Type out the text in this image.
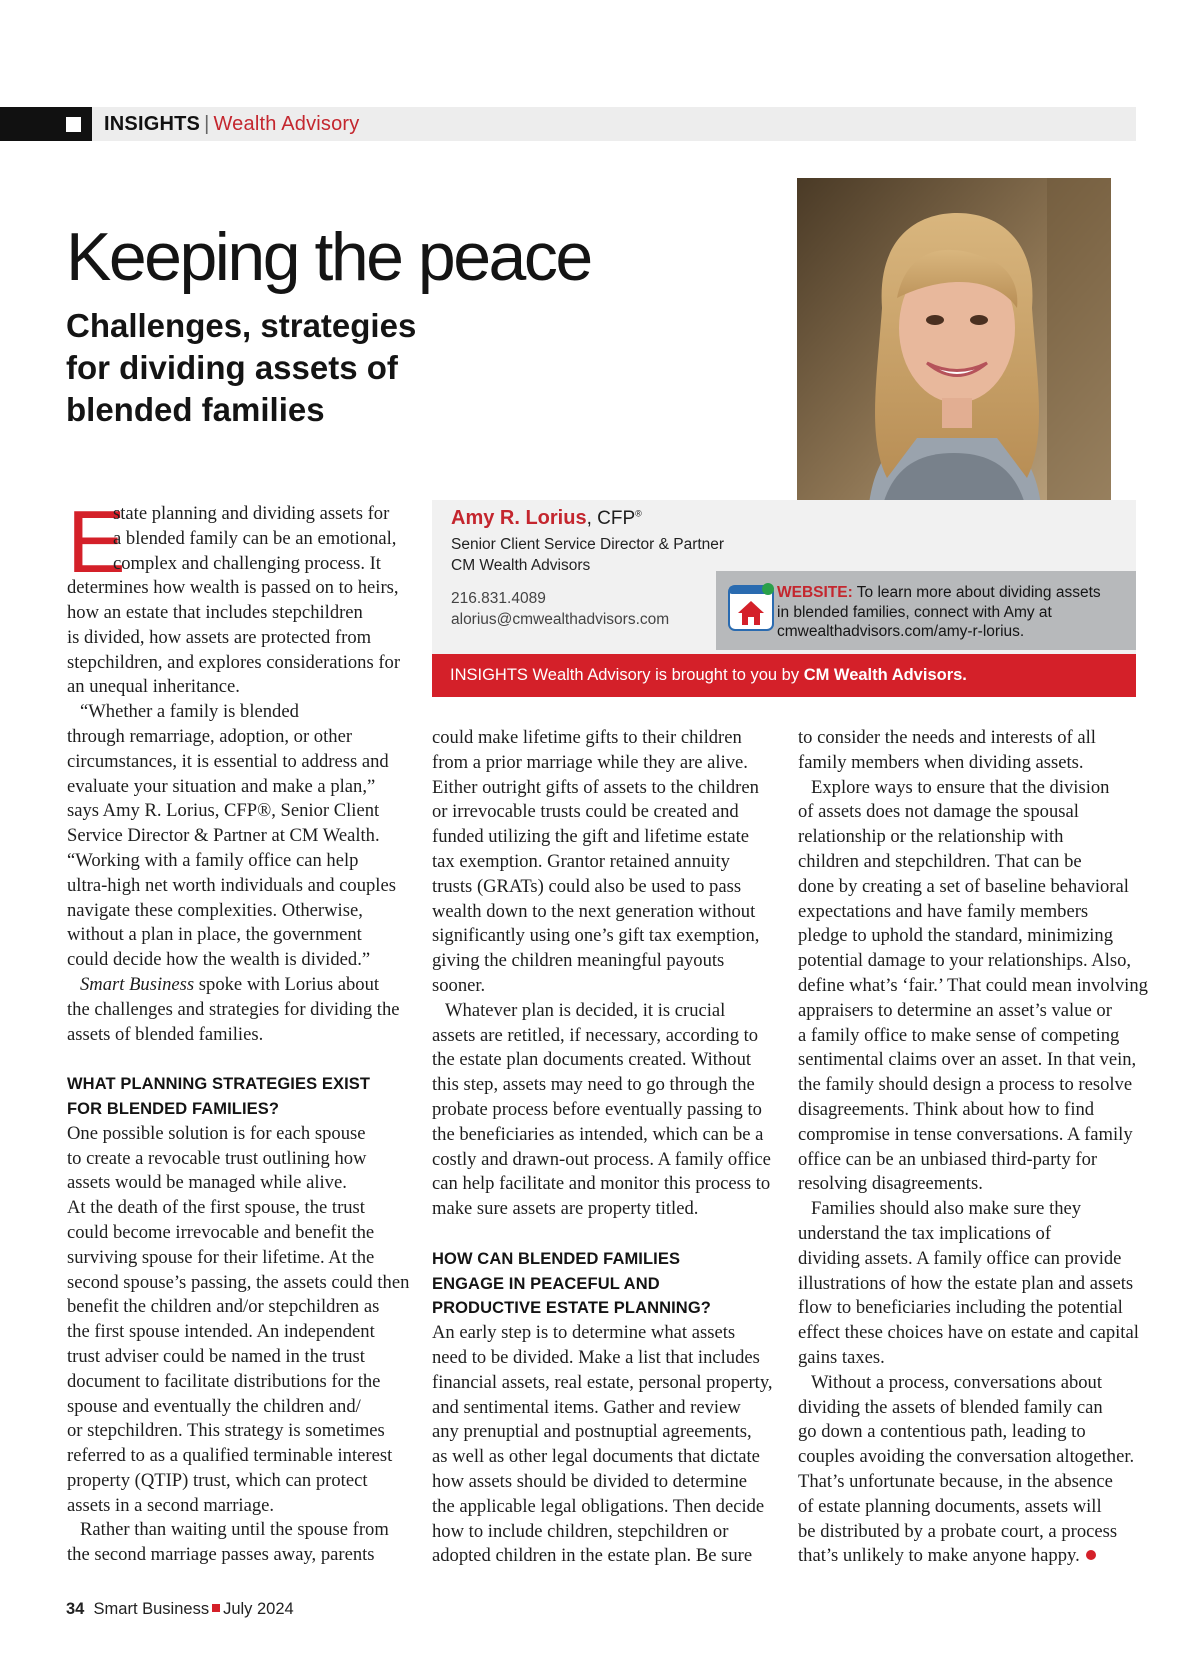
INSIGHTS | Wealth Advisory
Keeping the peace
Challenges, strategies
for dividing assets of
blended families
Amy R. Lorius, CFP®
Senior Client Service Director & Partner
CM Wealth Advisors
216.831.4089
alorius@cmwealthadvisors.com
WEBSITE: To learn more about dividing assets
in blended families, connect with Amy at
cmwealthadvisors.com/amy-r-lorius.
INSIGHTS Wealth Advisory is brought to you by CM Wealth Advisors.
E
state planning and dividing assets for
a blended family can be an emotional,
complex and challenging process. It

determines how wealth is passed on to heirs,
how an estate that includes stepchildren
is divided, how assets are protected from
stepchildren, and explores considerations for
an unequal inheritance.

“Whether a family is blended
through remarriage, adoption, or other
circumstances, it is essential to address and
evaluate your situation and make a plan,”
says Amy R. Lorius, CFP®, Senior Client
Service Director & Partner at CM Wealth.
“Working with a family office can help
ultra-high net worth individuals and couples
navigate these complexities. Otherwise,
without a plan in place, the government
could decide how the wealth is divided.”

Smart Business spoke with Lorius about
the challenges and strategies for dividing the
assets of blended families.

WHAT PLANNING STRATEGIES EXIST
FOR BLENDED FAMILIES?

One possible solution is for each spouse
to create a revocable trust outlining how
assets would be managed while alive.
At the death of the first spouse, the trust
could become irrevocable and benefit the
surviving spouse for their lifetime. At the
second spouse’s passing, the assets could then
benefit the children and/or stepchildren as
the first spouse intended. An independent
trust adviser could be named in the trust
document to facilitate distributions for the
spouse and eventually the children and/
or stepchildren. This strategy is sometimes
referred to as a qualified terminable interest
property (QTIP) trust, which can protect
assets in a second marriage.

Rather than waiting until the spouse from
the second marriage passes away, parents

could make lifetime gifts to their children
from a prior marriage while they are alive.
Either outright gifts of assets to the children
or irrevocable trusts could be created and
funded utilizing the gift and lifetime estate
tax exemption. Grantor retained annuity
trusts (GRATs) could also be used to pass
wealth down to the next generation without
significantly using one’s gift tax exemption,
giving the children meaningful payouts
sooner.

Whatever plan is decided, it is crucial
assets are retitled, if necessary, according to
the estate plan documents created. Without
this step, assets may need to go through the
probate process before eventually passing to
the beneficiaries as intended, which can be a
costly and drawn-out process. A family office
can help facilitate and monitor this process to
make sure assets are property titled.

HOW CAN BLENDED FAMILIES
ENGAGE IN PEACEFUL AND
PRODUCTIVE ESTATE PLANNING?

An early step is to determine what assets
need to be divided. Make a list that includes
financial assets, real estate, personal property,
and sentimental items. Gather and review
any prenuptial and postnuptial agreements,
as well as other legal documents that dictate
how assets should be divided to determine
the applicable legal obligations. Then decide
how to include children, stepchildren or
adopted children in the estate plan. Be sure

to consider the needs and interests of all
family members when dividing assets.

Explore ways to ensure that the division
of assets does not damage the spousal
relationship or the relationship with
children and stepchildren. That can be
done by creating a set of baseline behavioral
expectations and have family members
pledge to uphold the standard, minimizing
potential damage to your relationships. Also,
define what’s ‘fair.’ That could mean involving
appraisers to determine an asset’s value or
a family office to make sense of competing
sentimental claims over an asset. In that vein,
the family should design a process to resolve
disagreements. Think about how to find
compromise in tense conversations. A family
office can be an unbiased third-party for
resolving disagreements.

Families should also make sure they
understand the tax implications of
dividing assets. A family office can provide
illustrations of how the estate plan and assets
flow to beneficiaries including the potential
effect these choices have on estate and capital
gains taxes.

Without a process, conversations about
dividing the assets of blended family can
go down a contentious path, leading to
couples avoiding the conversation altogether.
That’s unfortunate because, in the absence
of estate planning documents, assets will
be distributed by a probate court, a process
that’s unlikely to make anyone happy.

34 Smart Business July 2024
